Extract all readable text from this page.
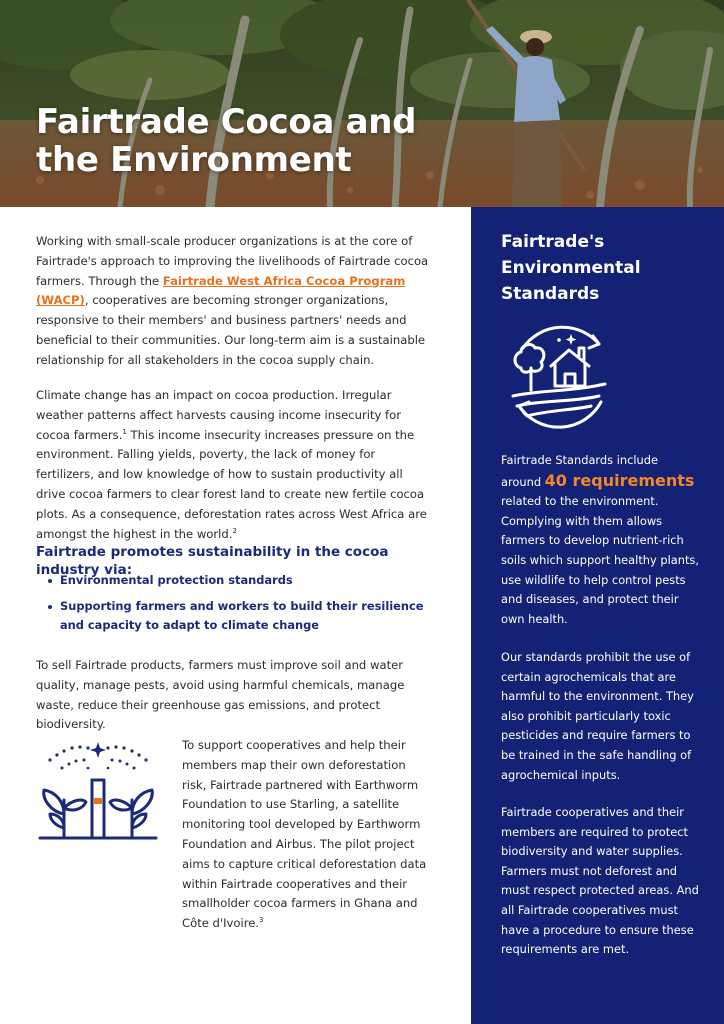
Fairtrade Cocoa and
the Environment

Working with small-scale producer organizations is at the core of Fairtrade's approach to improving the livelihoods of Fairtrade cocoa farmers. Through the Fairtrade West Africa Cocoa Program (WACP), cooperatives are becoming stronger organizations, responsive to their members' and business partners' needs and beneficial to their communities. Our long-term aim is a sustainable relationship for all stakeholders in the cocoa supply chain.

Climate change has an impact on cocoa production. Irregular weather patterns affect harvests causing income insecurity for cocoa farmers.$^1$ This income insecurity increases pressure on the environment. Falling yields, poverty, the lack of money for fertilizers, and low knowledge of how to sustain productivity all drive cocoa farmers to clear forest land to create new fertile cocoa plots. As a consequence, deforestation rates across West Africa are amongst the highest in the world.$^2$

Fairtrade promotes sustainability in the cocoa industry via:
Environmental protection standards
Supporting farmers and workers to build their resilience and capacity to adapt to climate change

To sell Fairtrade products, farmers must improve soil and water quality, manage pests, avoid using harmful chemicals, manage waste, reduce their greenhouse gas emissions, and protect biodiversity.

To support cooperatives and help their members map their own deforestation risk, Fairtrade partnered with Earthworm Foundation to use Starling, a satellite monitoring tool developed by Earthworm Foundation and Airbus. The pilot project aims to capture critical deforestation data within Fairtrade cooperatives and their smallholder cocoa farmers in Ghana and Côte d'Ivoire.$^3$

Fairtrade's Environmental Standards

Fairtrade Standards include around 40 requirements related to the environment. Complying with them allows farmers to develop nutrient-rich soils which support healthy plants, use wildlife to help control pests and diseases, and protect their own health.

Our standards prohibit the use of certain agrochemicals that are harmful to the environment. They also prohibit particularly toxic pesticides and require farmers to be trained in the safe handling of agrochemical inputs.

Fairtrade cooperatives and their members are required to protect biodiversity and water supplies. Farmers must not deforest and must respect protected areas. And all Fairtrade cooperatives must have a procedure to ensure these requirements are met.
